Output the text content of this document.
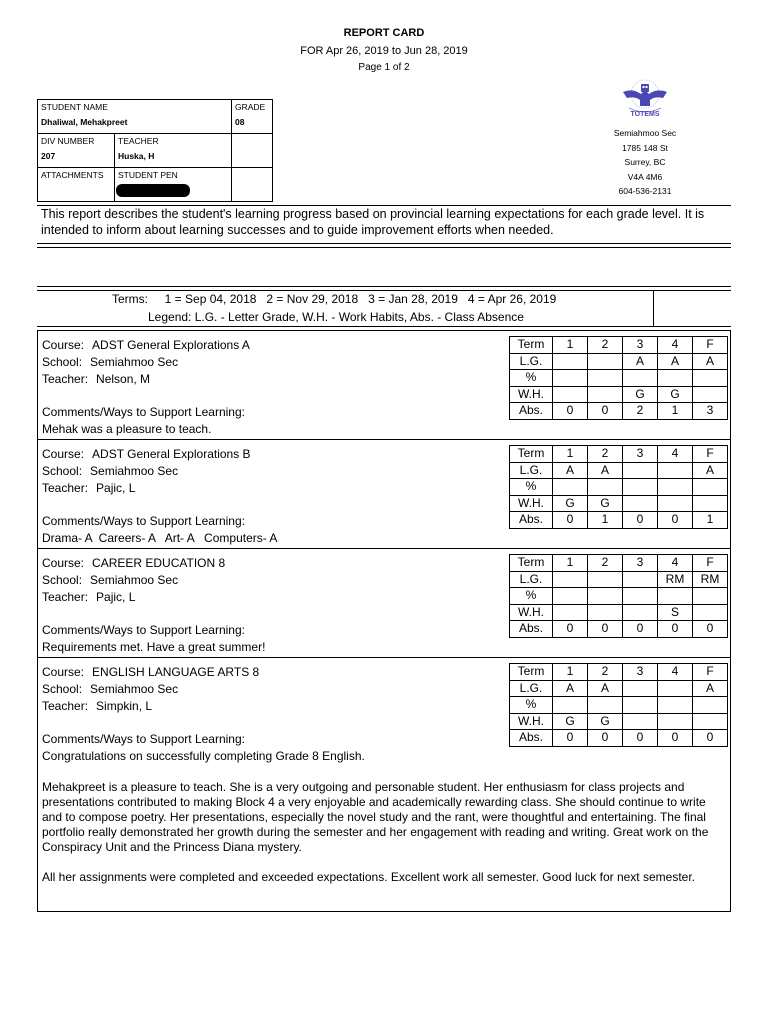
REPORT CARD
FOR Apr 26, 2019 to Jun 28, 2019
Page 1 of 2
STUDENT NAME
Dhaliwal, Mehakpreet
GRADE
08
DIV NUMBER
207
TEACHER
Huska, H
ATTACHMENTS	STUDENT PEN
TOTEMS
Semiahmoo Sec
1785 148 St
Surrey, BC
V4A 4M6
604-536-2131
This report describes the student's learning progress based on provincial learning expectations for each grade level. It is intended to inform about learning successes and to guide improvement efforts when needed.
Terms:     1 = Sep 04, 2018   2 = Nov 29, 2018   3 = Jan 28, 2019   4 = Apr 26, 2019
Legend: L.G. - Letter Grade, W.H. - Work Habits, Abs. - Class Absence
Course: ADST General Explorations A
School: Semiahmoo Sec
Teacher: Nelson, M
Comments/Ways to Support Learning:
Mehak was a pleasure to teach.
Term	1	2	3	4	F
L.G.			A	A	A
%					
W.H.			G	G	
Abs.	0	0	2	1	3
Course: ADST General Explorations B
School: Semiahmoo Sec
Teacher: Pajic, L
Comments/Ways to Support Learning:
Drama- A  Careers- A   Art- A   Computers- A
Term	1	2	3	4	F
L.G.	A	A			A
%					
W.H.	G	G			
Abs.	0	1	0	0	1
Course: CAREER EDUCATION 8
School: Semiahmoo Sec
Teacher: Pajic, L
Comments/Ways to Support Learning:
Requirements met. Have a great summer!
Term	1	2	3	4	F
L.G.				RM	RM
%					
W.H.				S	
Abs.	0	0	0	0	0
Course: ENGLISH LANGUAGE ARTS 8
School: Semiahmoo Sec
Teacher: Simpkin, L
Comments/Ways to Support Learning:
Congratulations on successfully completing Grade 8 English.
Mehakpreet is a pleasure to teach. She is a very outgoing and personable student. Her enthusiasm for class projects and presentations contributed to making Block 4 a very enjoyable and academically rewarding class. She should continue to write and to compose poetry. Her presentations, especially the novel study and the rant, were thoughtful and entertaining. The final portfolio really demonstrated her growth during the semester and her engagement with reading and writing. Great work on the Conspiracy Unit and the Princess Diana mystery.
All her assignments were completed and exceeded expectations. Excellent work all semester. Good luck for next semester.
Term	1	2	3	4	F
L.G.	A	A			A
%					
W.H.	G	G			
Abs.	0	0	0	0	0
